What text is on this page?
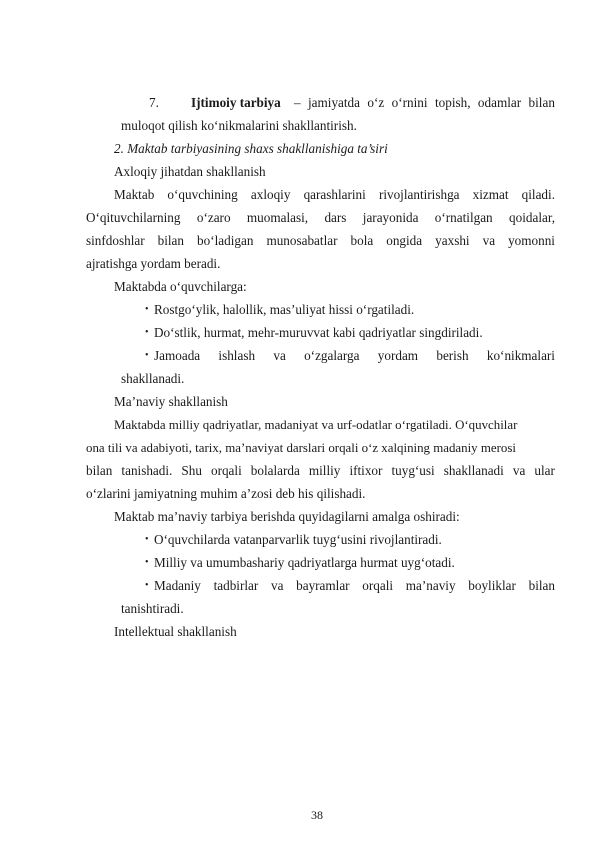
7. Ijtimoiy tarbiya – jamiyatda o‘z o‘rnini topish, odamlar bilan
muloqot qilish ko‘nikmalarini shakllantirish.
2. Maktab tarbiyasining shaxs shakllanishiga ta’siri
Axloqiy jihatdan shakllanish
Maktab o‘quvchining axloqiy qarashlarini rivojlantirishga xizmat qiladi.
O‘qituvchilarning o‘zaro muomalasi, dars jarayonida o‘rnatilgan qoidalar,
sinfdoshlar bilan bo‘ladigan munosabatlar bola ongida yaxshi va yomonni
ajratishga yordam beradi.
Maktabda o‘quvchilarga:
• Rostgo‘ylik, halollik, mas’uliyat hissi o‘rgatiladi.
• Do‘stlik, hurmat, mehr-muruvvat kabi qadriyatlar singdiriladi.
• Jamoada ishlash va o‘zgalarga yordam berish ko‘nikmalari
shakllanadi.
Ma’naviy shakllanish
Maktabda milliy qadriyatlar, madaniyat va urf-odatlar o‘rgatiladi. O‘quvchilar
ona tili va adabiyoti, tarix, ma’naviyat darslari orqali o‘z xalqining madaniy merosi
bilan tanishadi. Shu orqali bolalarda milliy iftixor tuyg‘usi shakllanadi va ular
o‘zlarini jamiyatning muhim a’zosi deb his qilishadi.
Maktab ma’naviy tarbiya berishda quyidagilarni amalga oshiradi:
• O‘quvchilarda vatanparvarlik tuyg‘usini rivojlantiradi.
• Milliy va umumbashariy qadriyatlarga hurmat uyg‘otadi.
• Madaniy tadbirlar va bayramlar orqali ma’naviy boyliklar bilan
tanishtiradi.
Intellektual shakllanish
38
